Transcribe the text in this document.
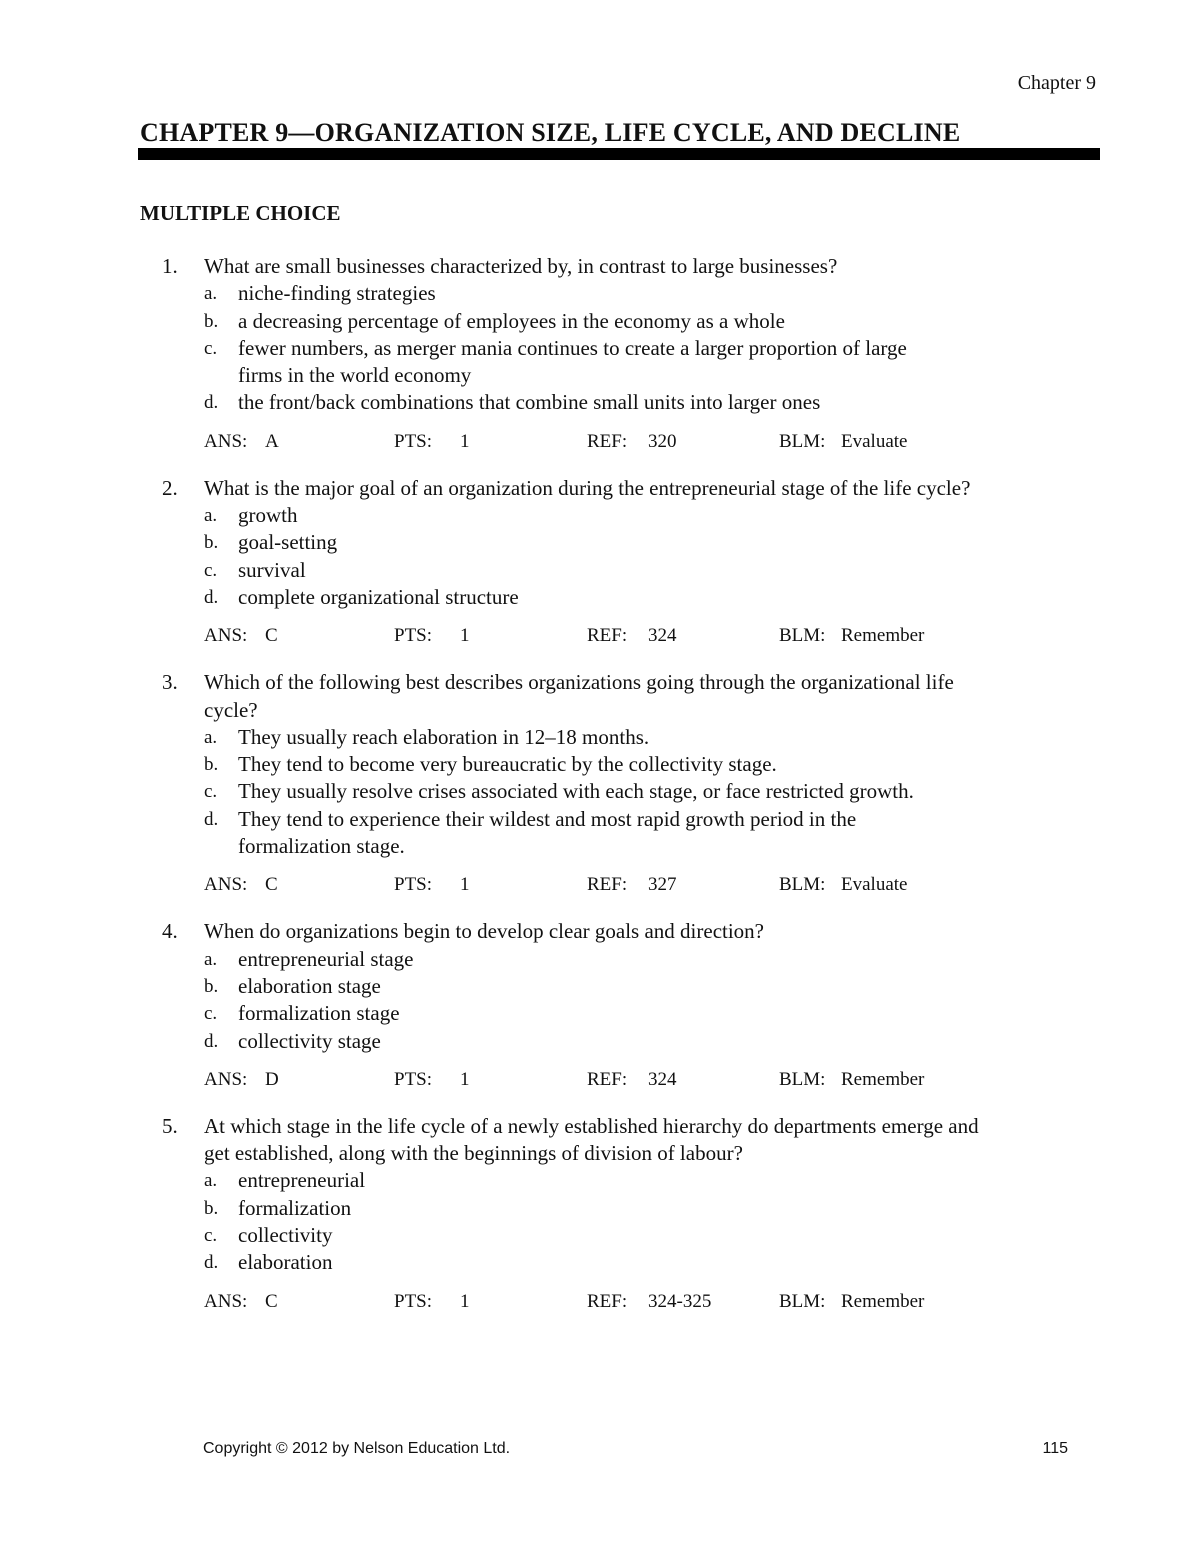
Chapter 9
CHAPTER 9—ORGANIZATION SIZE, LIFE CYCLE, AND DECLINE
MULTIPLE CHOICE
1. What are small businesses characterized by, in contrast to large businesses?
a. niche-finding strategies
b. a decreasing percentage of employees in the economy as a whole
c. fewer numbers, as merger mania continues to create a larger proportion of large
firms in the world economy
d. the front/back combinations that combine small units into larger ones
ANS: A	PTS: 1	REF: 320	BLM: Evaluate
2. What is the major goal of an organization during the entrepreneurial stage of the life cycle?
a. growth
b. goal-setting
c. survival
d. complete organizational structure
ANS: C	PTS: 1	REF: 324	BLM: Remember
3. Which of the following best describes organizations going through the organizational life
cycle?
a. They usually reach elaboration in 12–18 months.
b. They tend to become very bureaucratic by the collectivity stage.
c. They usually resolve crises associated with each stage, or face restricted growth.
d. They tend to experience their wildest and most rapid growth period in the
formalization stage.
ANS: C	PTS: 1	REF: 327	BLM: Evaluate
4. When do organizations begin to develop clear goals and direction?
a. entrepreneurial stage
b. elaboration stage
c. formalization stage
d. collectivity stage
ANS: D	PTS: 1	REF: 324	BLM: Remember
5. At which stage in the life cycle of a newly established hierarchy do departments emerge and
get established, along with the beginnings of division of labour?
a. entrepreneurial
b. formalization
c. collectivity
d. elaboration
ANS: C	PTS: 1	REF: 324-325	BLM: Remember
Copyright © 2012 by Nelson Education Ltd.	115
